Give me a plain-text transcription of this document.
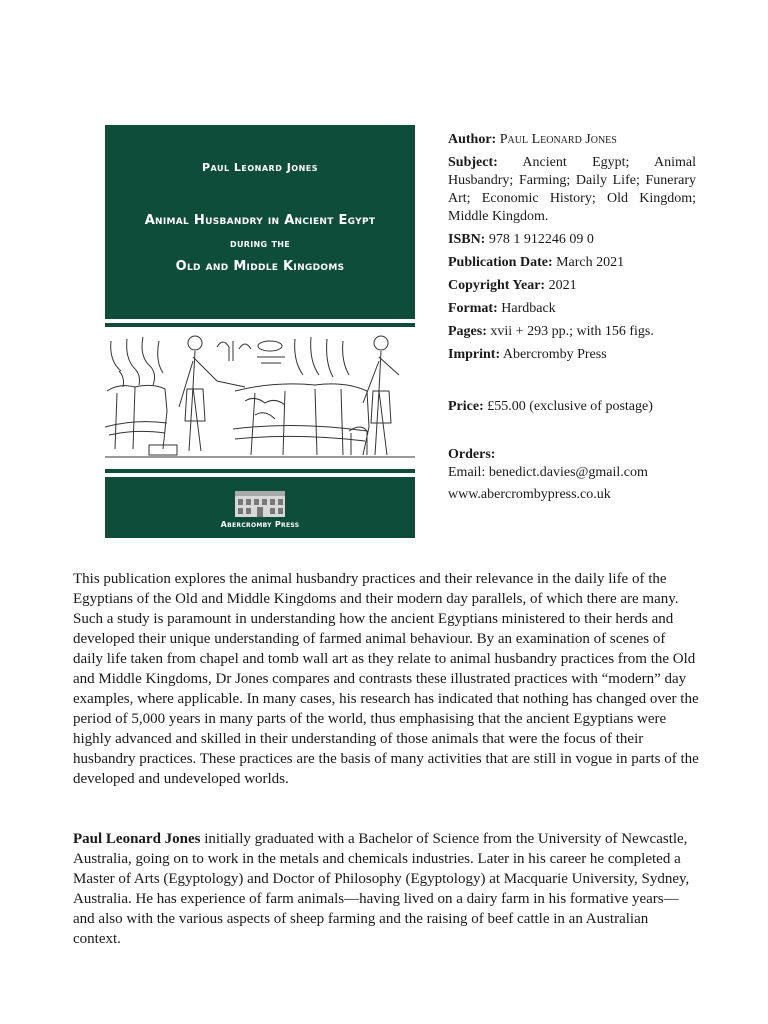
Paul Leonard Jones
Animal Husbandry in Ancient Egypt
during the
Old and Middle Kingdoms
Abercromby Press
Author: Paul Leonard Jones
Subject: Ancient Egypt; Animal Husbandry; Farming; Daily Life; Funerary Art; Economic History; Old Kingdom; Middle Kingdom.
ISBN: 978 1 912246 09 0
Publication Date: March 2021
Copyright Year: 2021
Format: Hardback
Pages: xvii + 293 pp.; with 156 figs.
Imprint: Abercromby Press
Price: £55.00 (exclusive of postage)
Orders:
Email: benedict.davies@gmail.com
www.abercrombypress.co.uk

This publication explores the animal husbandry practices and their relevance in the daily life of the Egyptians of the Old and Middle Kingdoms and their modern day parallels, of which there are many. Such a study is paramount in understanding how the ancient Egyptians ministered to their herds and developed their unique understanding of farmed animal behaviour. By an examination of scenes of daily life taken from chapel and tomb wall art as they relate to animal husbandry practices from the Old and Middle Kingdoms, Dr Jones compares and contrasts these illustrated practices with “modern” day examples, where applicable. In many cases, his research has indicated that nothing has changed over the period of 5,000 years in many parts of the world, thus emphasising that the ancient Egyptians were highly advanced and skilled in their understanding of those animals that were the focus of their husbandry practices. These practices are the basis of many activities that are still in vogue in parts of the developed and undeveloped worlds.

Paul Leonard Jones initially graduated with a Bachelor of Science from the University of Newcastle, Australia, going on to work in the metals and chemicals industries. Later in his career he completed a Master of Arts (Egyptology) and Doctor of Philosophy (Egyptology) at Macquarie University, Sydney, Australia. He has experience of farm animals—having lived on a dairy farm in his formative years—and also with the various aspects of sheep farming and the raising of beef cattle in an Australian context.
